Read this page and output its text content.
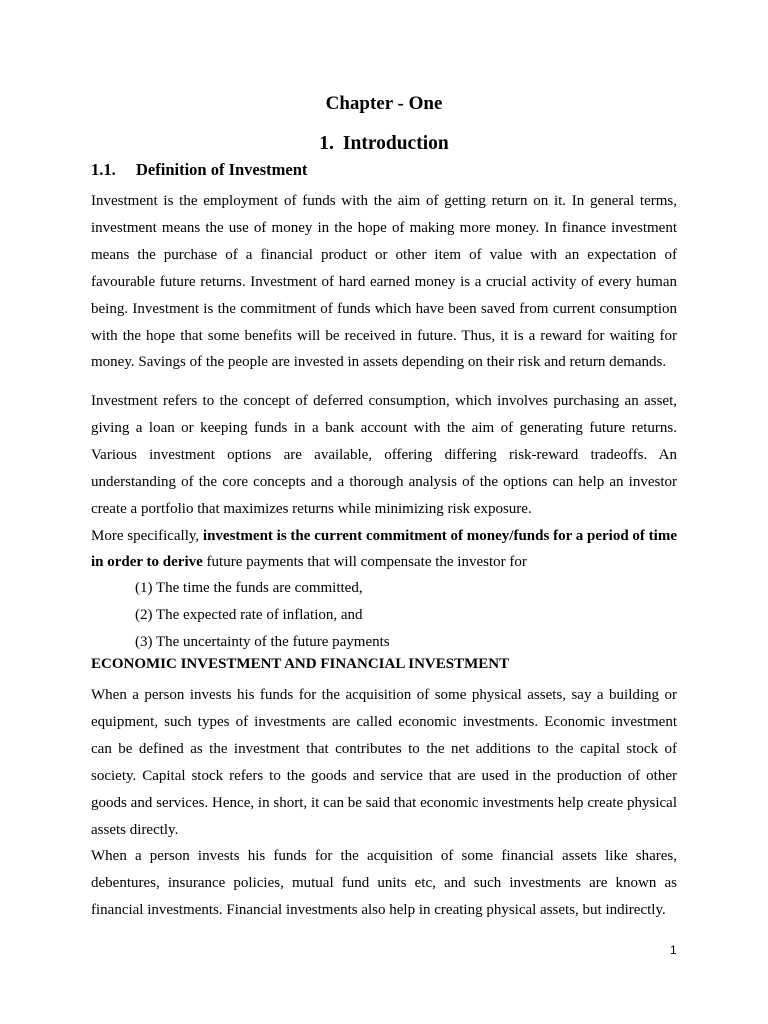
Chapter - One
1. Introduction
1.1. Definition of Investment

Investment is the employment of funds with the aim of getting return on it. In general terms, investment means the use of money in the hope of making more money. In finance investment means the purchase of a financial product or other item of value with an expectation of favourable future returns. Investment of hard earned money is a crucial activity of every human being. Investment is the commitment of funds which have been saved from current consumption with the hope that some benefits will be received in future. Thus, it is a reward for waiting for money. Savings of the people are invested in assets depending on their risk and return demands.

Investment refers to the concept of deferred consumption, which involves purchasing an asset, giving a loan or keeping funds in a bank account with the aim of generating future returns. Various investment options are available, offering differing risk-reward tradeoffs. An understanding of the core concepts and a thorough analysis of the options can help an investor create a portfolio that maximizes returns while minimizing risk exposure.

More specifically, investment is the current commitment of money/funds for a period of time in order to derive future payments that will compensate the investor for

(1) The time the funds are committed,
(2) The expected rate of inflation, and
(3) The uncertainty of the future payments
ECONOMIC INVESTMENT AND FINANCIAL INVESTMENT

When a person invests his funds for the acquisition of some physical assets, say a building or equipment, such types of investments are called economic investments. Economic investment can be defined as the investment that contributes to the net additions to the capital stock of society. Capital stock refers to the goods and service that are used in the production of other goods and services. Hence, in short, it can be said that economic investments help create physical assets directly.

When a person invests his funds for the acquisition of some financial assets like shares, debentures, insurance policies, mutual fund units etc, and such investments are known as financial investments. Financial investments also help in creating physical assets, but indirectly.

1
